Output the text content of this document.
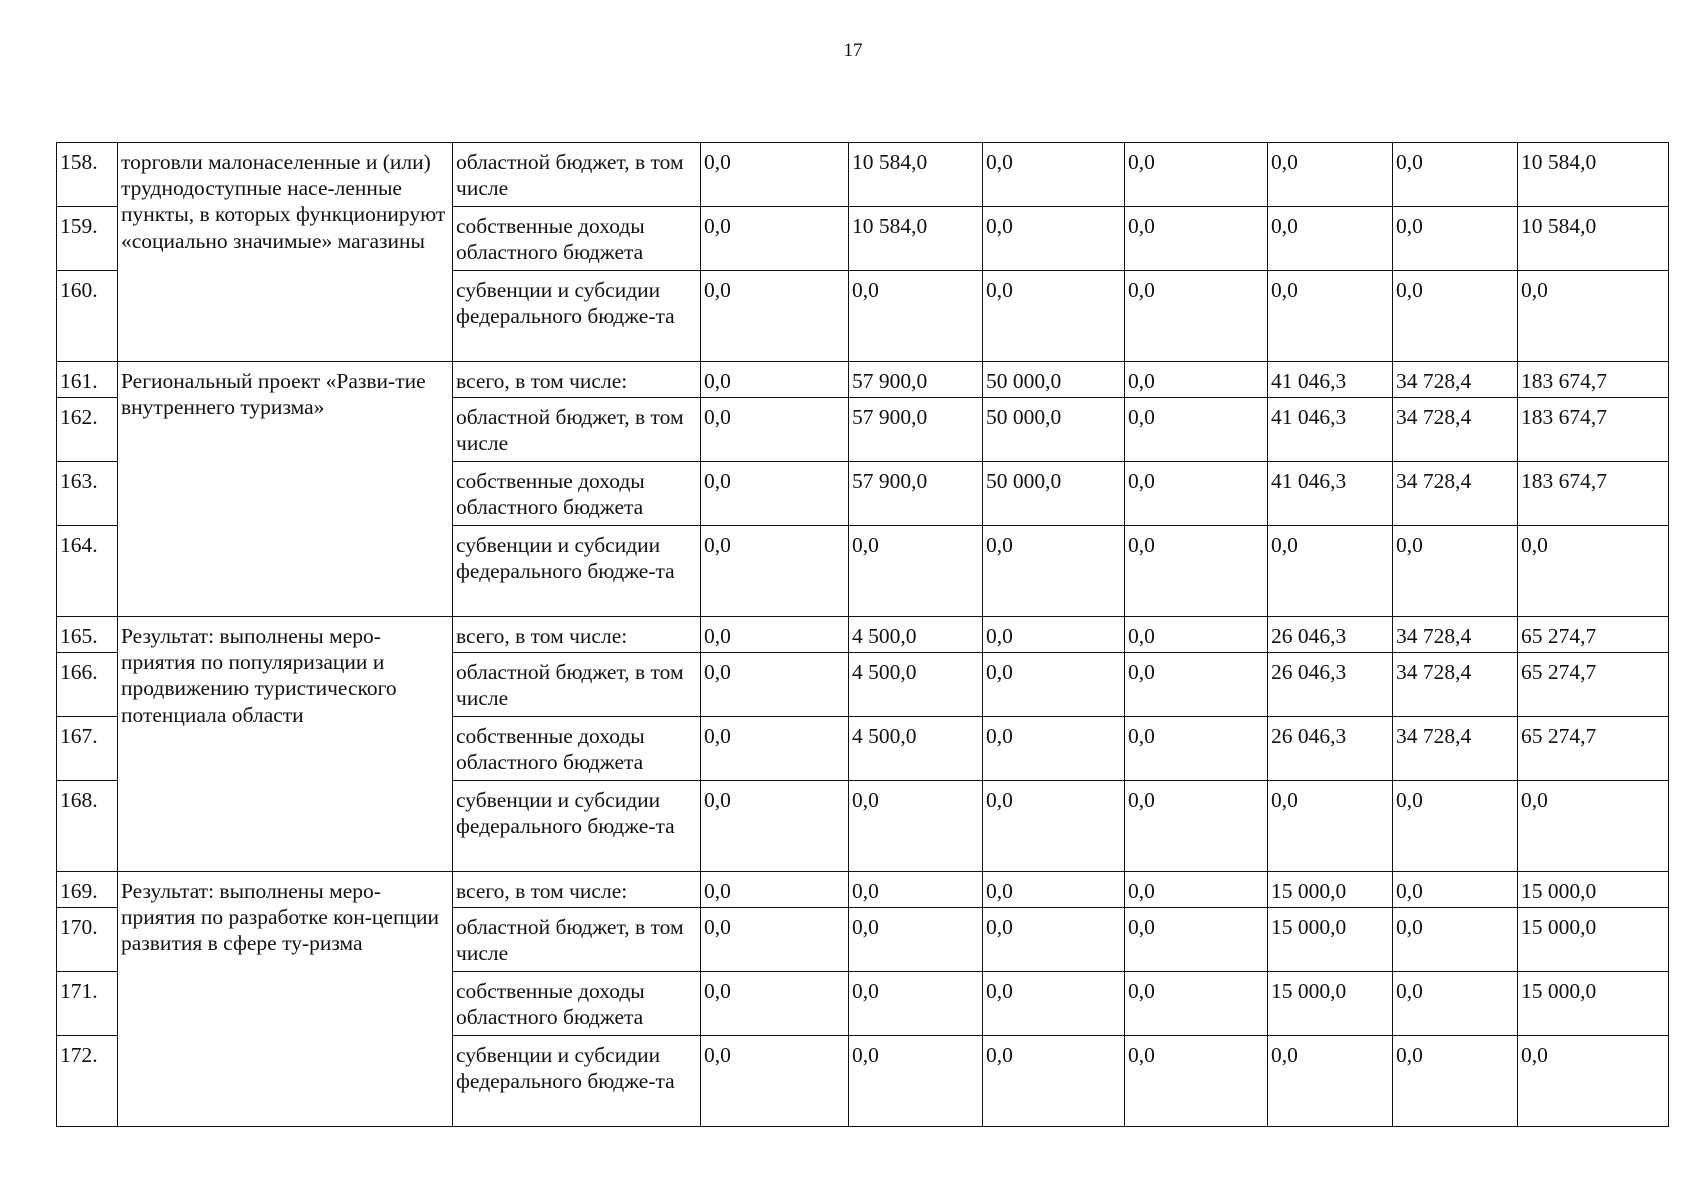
17
158.	торговли малонаселенные и (или) труднодоступные насе-ленные пункты, в которых функционируют «социально значимые» магазины	областной бюджет, в том числе	0,0	10 584,0	0,0	0,0	0,0	0,0	10 584,0
159.		собственные доходы областного бюджета	0,0	10 584,0	0,0	0,0	0,0	0,0	10 584,0
160.		субвенции и субсидии федерального бюдже-та	0,0	0,0	0,0	0,0	0,0	0,0	0,0
161.	Региональный проект «Разви-тие внутреннего туризма»	всего, в том числе:	0,0	57 900,0	50 000,0	0,0	41 046,3	34 728,4	183 674,7
162.		областной бюджет, в том числе	0,0	57 900,0	50 000,0	0,0	41 046,3	34 728,4	183 674,7
163.		собственные доходы областного бюджета	0,0	57 900,0	50 000,0	0,0	41 046,3	34 728,4	183 674,7
164.		субвенции и субсидии федерального бюдже-та	0,0	0,0	0,0	0,0	0,0	0,0	0,0
165.	Результат: выполнены меро-приятия по популяризации и продвижению туристического потенциала области	всего, в том числе:	0,0	4 500,0	0,0	0,0	26 046,3	34 728,4	65 274,7
166.		областной бюджет, в том числе	0,0	4 500,0	0,0	0,0	26 046,3	34 728,4	65 274,7
167.		собственные доходы областного бюджета	0,0	4 500,0	0,0	0,0	26 046,3	34 728,4	65 274,7
168.		субвенции и субсидии федерального бюдже-та	0,0	0,0	0,0	0,0	0,0	0,0	0,0
169.	Результат: выполнены меро-приятия по разработке кон-цепции развития в сфере ту-ризма	всего, в том числе:	0,0	0,0	0,0	0,0	15 000,0	0,0	15 000,0
170.		областной бюджет, в том числе	0,0	0,0	0,0	0,0	15 000,0	0,0	15 000,0
171.		собственные доходы областного бюджета	0,0	0,0	0,0	0,0	15 000,0	0,0	15 000,0
172.		субвенции и субсидии федерального бюдже-та	0,0	0,0	0,0	0,0	0,0	0,0	0,0
